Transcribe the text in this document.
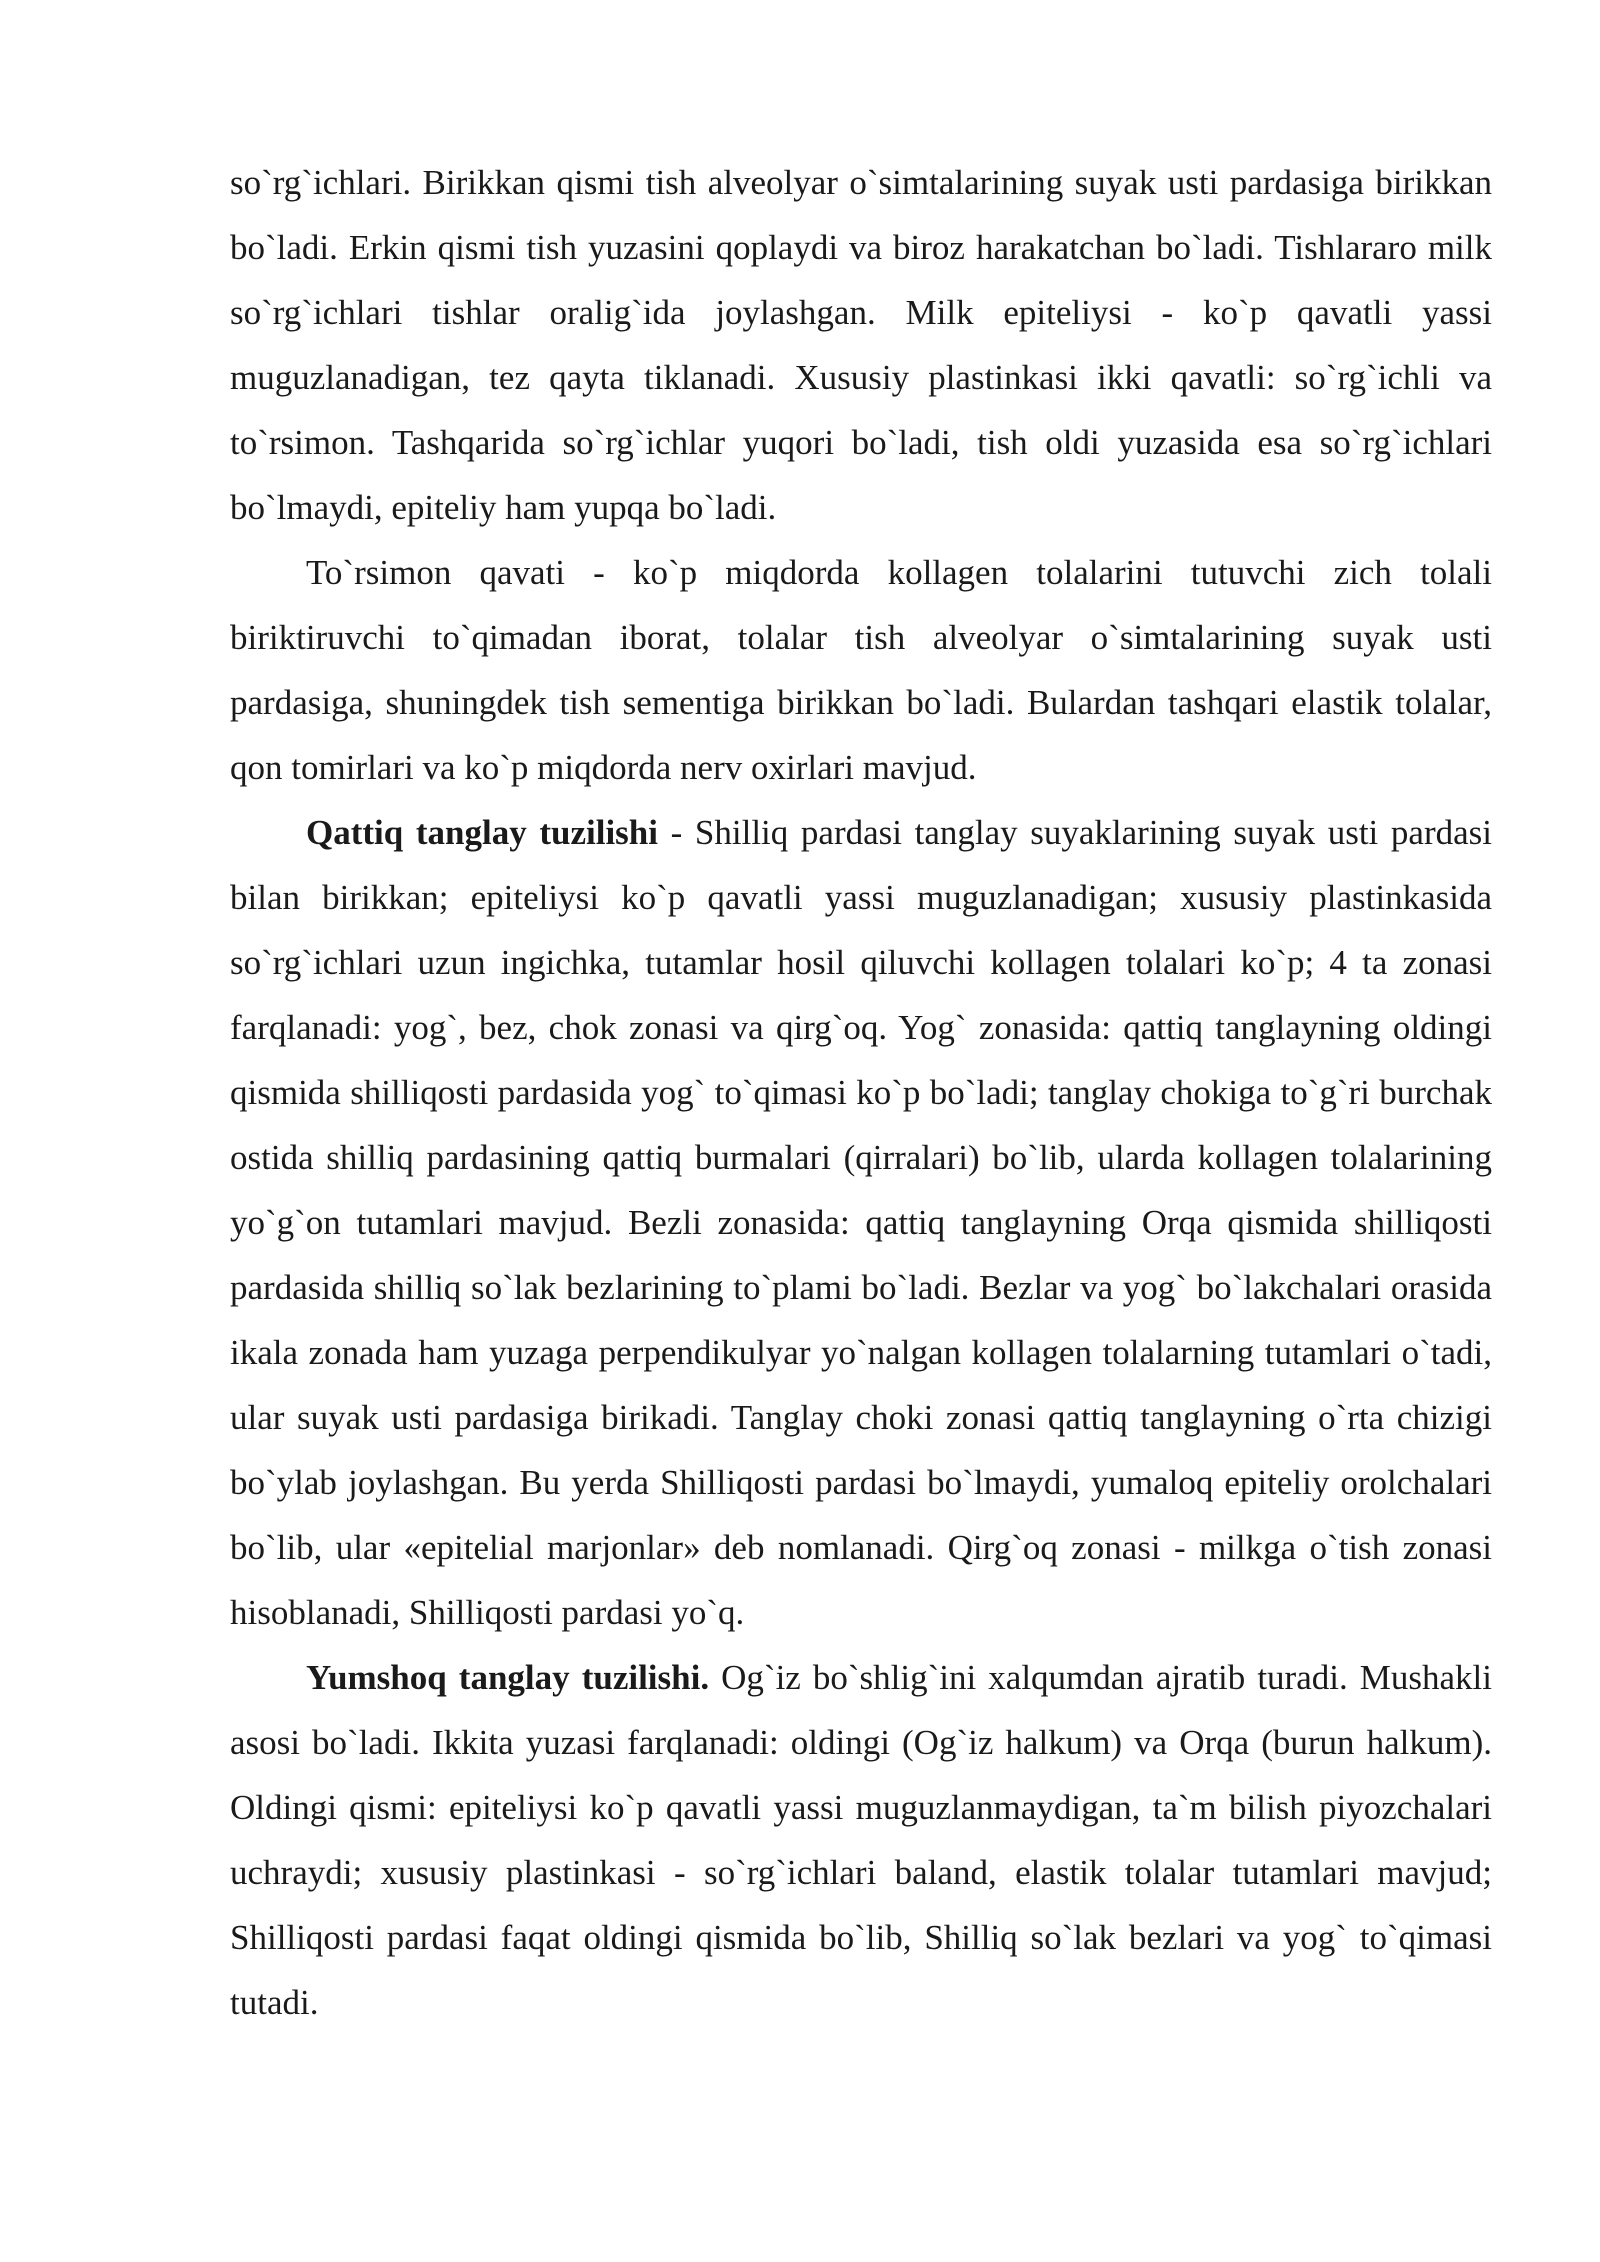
so`rg`ichlari. Birikkan qismi tish alveolyar o`simtalarining suyak usti pardasiga birikkan bo`ladi. Erkin qismi tish yuzasini qoplaydi va biroz harakatchan bo`ladi. Tishlararo milk so`rg`ichlari tishlar oralig`ida joylashgan. Milk epiteliysi - ko`p qavatli yassi muguzlanadigan, tez qayta tiklanadi. Xususiy plastinkasi ikki qavatli: so`rg`ichli va to`rsimon. Tashqarida so`rg`ichlar yuqori bo`ladi, tish oldi yuzasida esa so`rg`ichlari bo`lmaydi, epiteliy ham yupqa bo`ladi.

To`rsimon qavati - ko`p miqdorda kollagen tolalarini tutuvchi zich tolali biriktiruvchi to`qimadan iborat, tolalar tish alveolyar o`simtalarining suyak usti pardasiga, shuningdek tish sementiga birikkan bo`ladi. Bulardan tashqari elastik tolalar, qon tomirlari va ko`p miqdorda nerv oxirlari mavjud.

Qattiq tanglay tuzilishi - Shilliq pardasi tanglay suyaklarining suyak usti pardasi bilan birikkan; epiteliysi ko`p qavatli yassi muguzlanadigan; xususiy plastinkasida so`rg`ichlari uzun ingichka, tutamlar hosil qiluvchi kollagen tolalari ko`p; 4 ta zonasi farqlanadi: yog`, bez, chok zonasi va qirg`oq. Yog` zonasida: qattiq tanglayning oldingi qismida shilliqosti pardasida yog` to`qimasi ko`p bo`ladi; tanglay chokiga to`g`ri burchak ostida shilliq pardasining qattiq burmalari (qirralari) bo`lib, ularda kollagen tolalarining yo`g`on tutamlari mavjud. Bezli zonasida: qattiq tanglayning Orqa qismida shilliqosti pardasida shilliq so`lak bezlarining to`plami bo`ladi. Bezlar va yog` bo`lakchalari orasida ikala zonada ham yuzaga perpendikulyar yo`nalgan kollagen tolalarning tutamlari o`tadi, ular suyak usti pardasiga birikadi. Tanglay choki zonasi qattiq tanglayning o`rta chizigi bo`ylab joylashgan. Bu yerda Shilliqosti pardasi bo`lmaydi, yumaloq epiteliy orolchalari bo`lib, ular «epitelial marjonlar» deb nomlanadi. Qirg`oq zonasi - milkga o`tish zonasi hisoblanadi, Shilliqosti pardasi yo`q.

Yumshoq tanglay tuzilishi. Og`iz bo`shlig`ini xalqumdan ajratib turadi. Mushakli asosi bo`ladi. Ikkita yuzasi farqlanadi: oldingi (Og`iz halkum) va Orqa (burun halkum). Oldingi qismi: epiteliysi ko`p qavatli yassi muguzlanmaydigan, ta`m bilish piyozchalari uchraydi; xususiy plastinkasi - so`rg`ichlari baland, elastik tolalar tutamlari mavjud; Shilliqosti pardasi faqat oldingi qismida bo`lib, Shilliq so`lak bezlari va yog` to`qimasi tutadi.
